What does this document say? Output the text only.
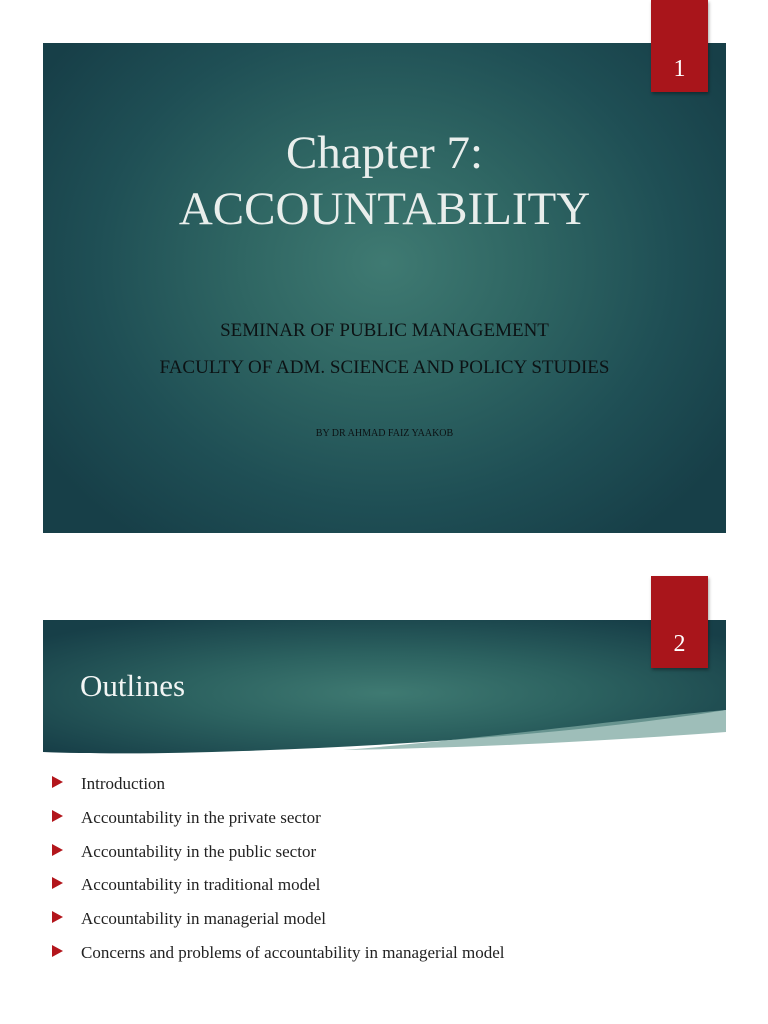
Chapter 7:
ACCOUNTABILITY
SEMINAR OF PUBLIC MANAGEMENT
FACULTY OF ADM. SCIENCE AND POLICY STUDIES
BY DR AHMAD FAIZ YAAKOB
1
Outlines
2
Introduction
Accountability in the private sector
Accountability in the public sector
Accountability in traditional model
Accountability in managerial model
Concerns and problems of accountability in managerial model
